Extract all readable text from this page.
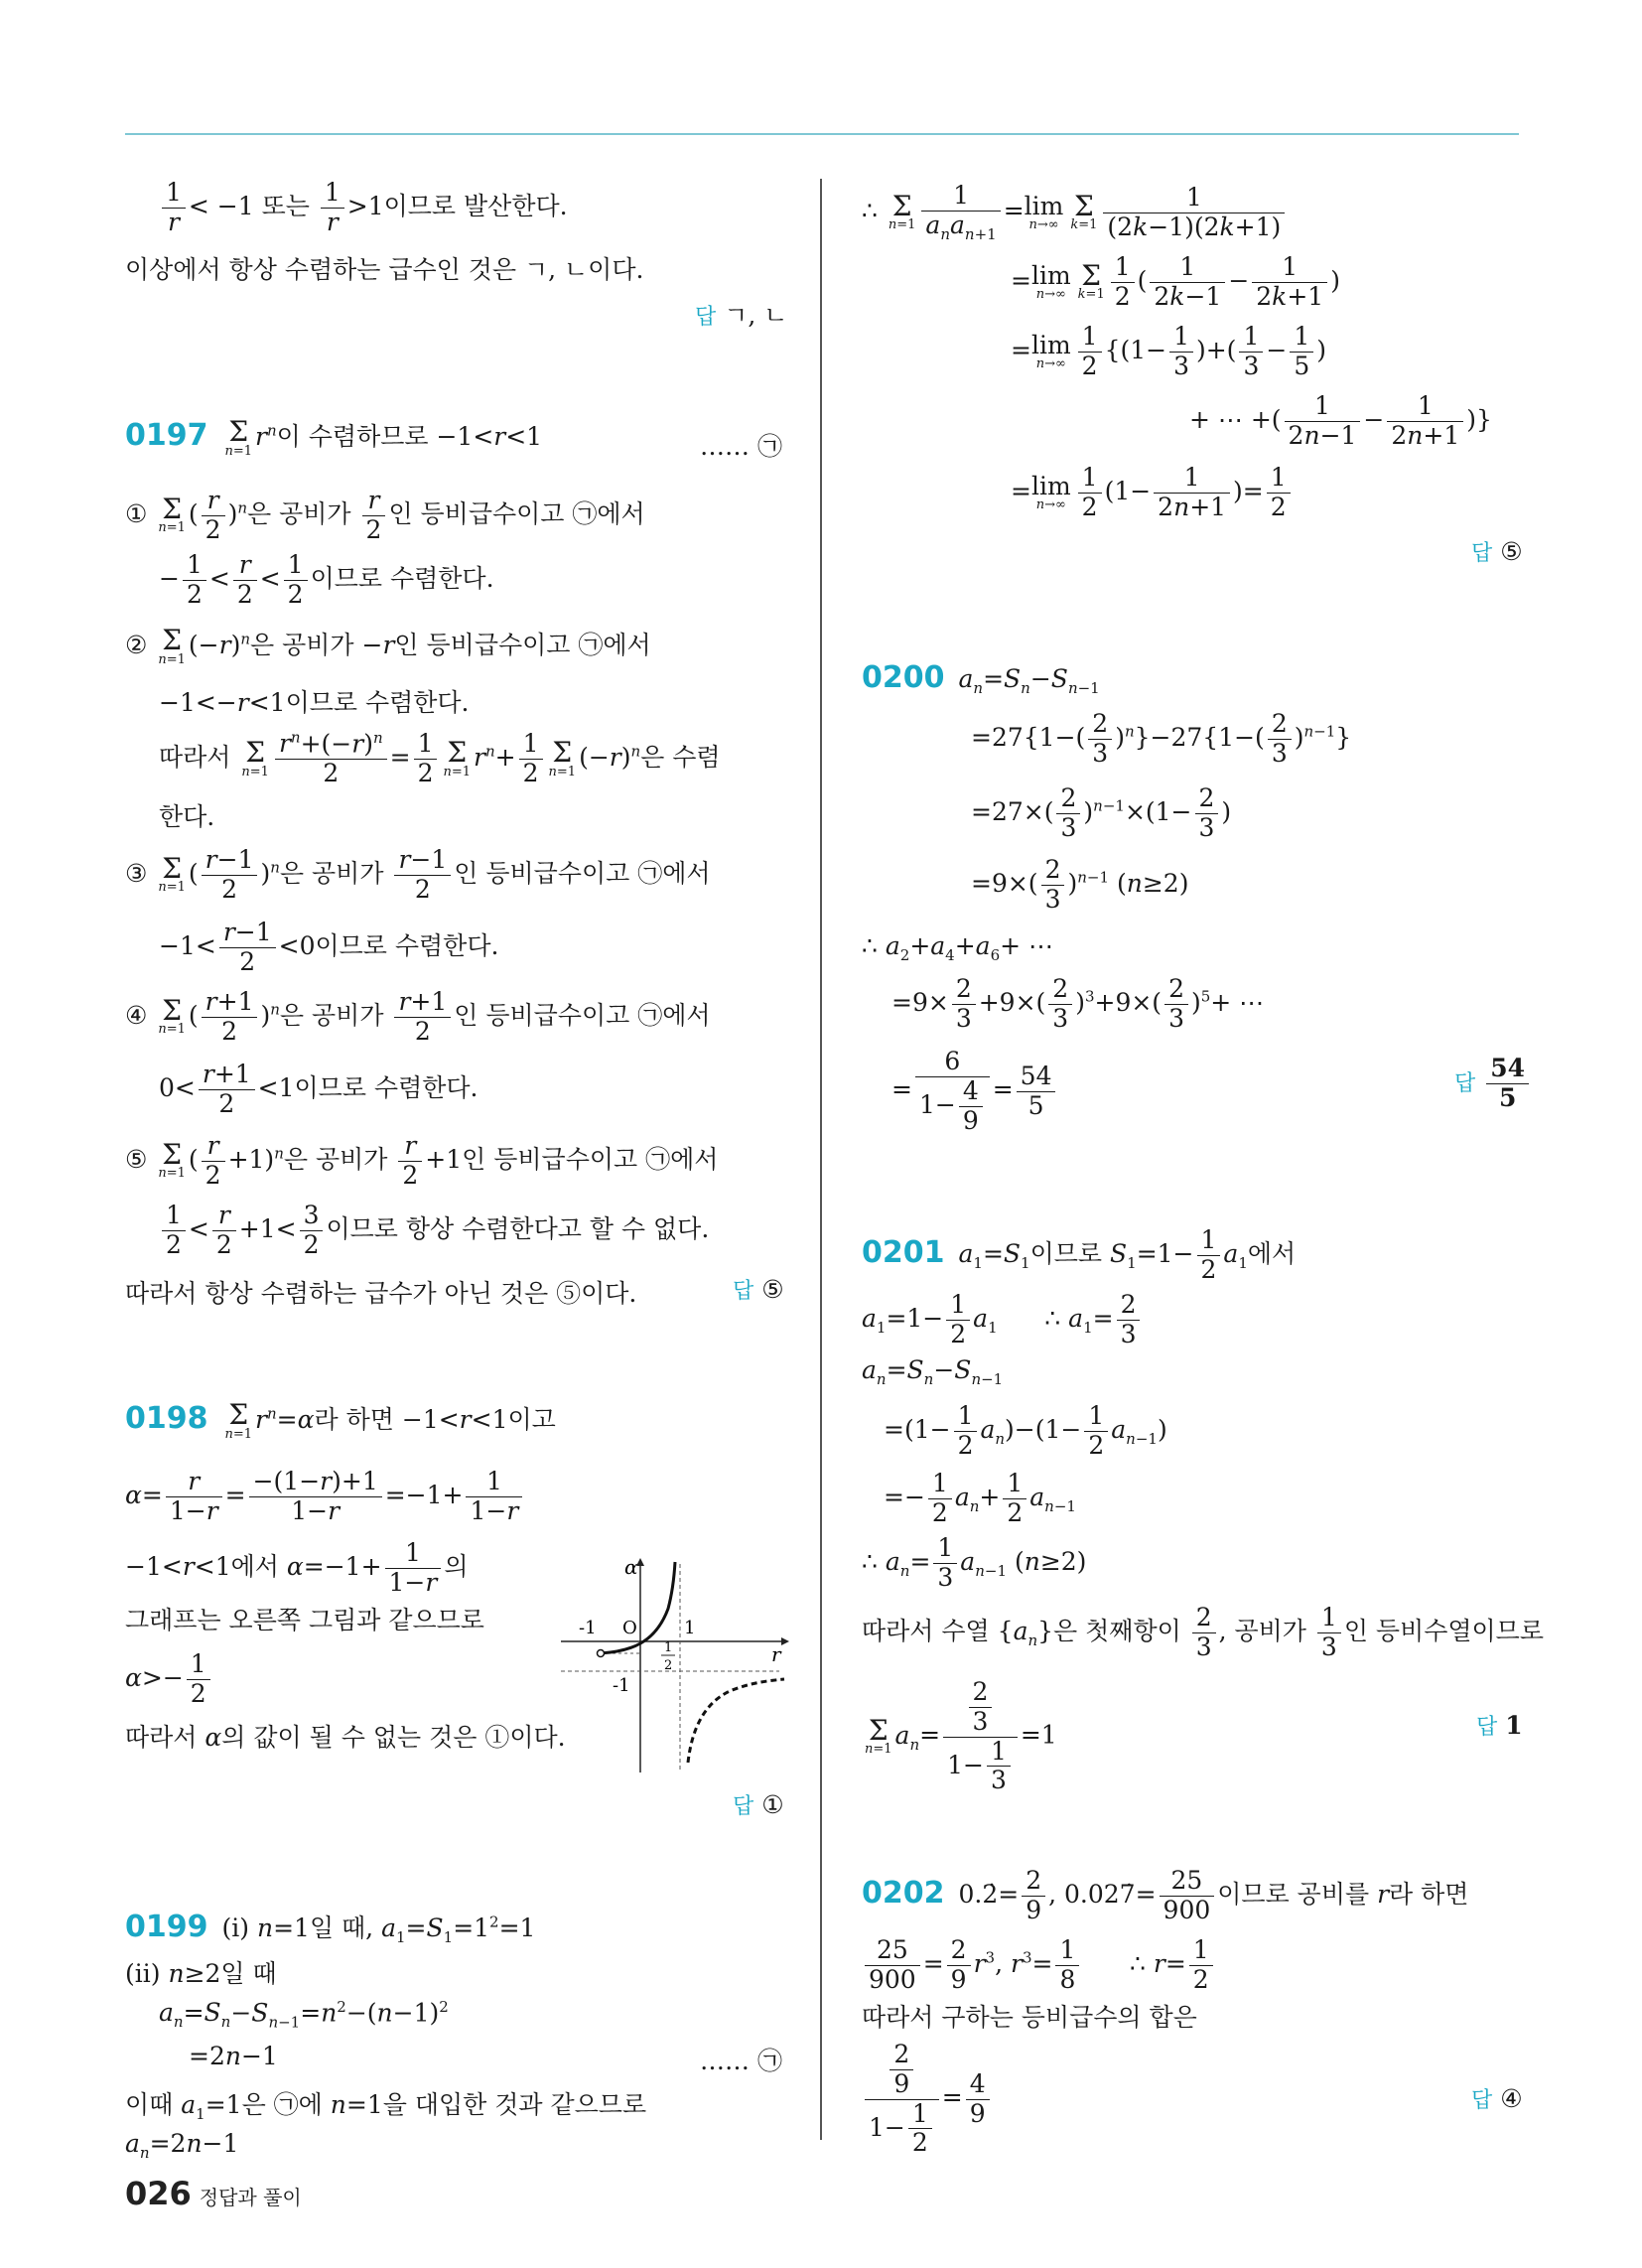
$\frac{1}{r} < -1$ 또는 $\frac{1}{r} >1$이므로 발산한다.
이상에서 항상 수렴하는 급수인 것은 ㄱ, ㄴ이다.
답 ㄱ, ㄴ
0197 Σ
$n=1r^n$이 수렴하므로 −1<r<1	…… ㉠
① Σ
$n=1( \frac{r}{2} )^n$은 공비가 $\frac{r}{2}$ 인 등비급수이고 ㉠에서
− $\frac{1}{2} < \frac{r}{2} < \frac{1}{2}$ 이므로 수렴한다.
② Σ
$n=1(-r)^n$은 공비가 −r인 등비급수이고 ㉠에서
−1<−r<1이므로 수렴한다.
따라서 Σ
$n=1 \frac{r^n+(-r)^n}{2} = \frac{1}{2}$ Σ
$n=1r^n+ \frac{1}{2}$ Σ
$n=1(-r)^n$은 수렴
한다.
③ Σ
$n=1( \frac{r-1}{2} )^n$은 공비가 $\frac{r-1}{2}$ 인 등비급수이고 ㉠에서
$-1< \frac{r-1}{2} <0$이므로 수렴한다.
④ Σ
$n=1( \frac{r+1}{2} )^n$은 공비가 $\frac{r+1}{2}$ 인 등비급수이고 ㉠에서
$0< \frac{r+1}{2} <1$이므로 수렴한다.
⑤ Σ
$n=1( \frac{r}{2} +1)^n$은 공비가 $\frac{r}{2} +1$인 등비급수이고 ㉠에서
$\frac{1}{2} < \frac{r}{2} +1< \frac{3}{2}$ 이므로 항상 수렴한다고 할 수 없다.
따라서 항상 수렴하는 급수가 아닌 것은 ⑤이다.	답 ⑤
0198 Σ
$n=1r^n=\alpha$라 하면 −1<r<1이고
$\alpha= \frac{r}{1-r} = \frac{-(1-r)+1}{1-r} =-1+ \frac{1}{1-r}$
−1<r<1에서 $\alpha=-1+ \frac{1}{1-r}$ 의
그래프는 오른쪽 그림과 같으므로
$\alpha>- \frac{1}{2}$
따라서 α의 값이 될 수 없는 것은 ①이다.
α
r
-1 O	1
1
2
-1
답 ①
0199 (ⅰ) n=1일 때, $a_1=S_1=1^2=1$
(ⅱ) n≥2일 때
$a_n=S_n-S_{n-1}=n^2-(n-1)^2$
=2n−1	…… ㉠
이때 $a_1=1$은 ㉠에 n=1을 대입한 것과 같으므로
$a_n=2n-1$
∴ Σ
$n=1 \frac{1}{a_na_{n+1}} =\lim$
n→∞
Σ
$k=1 \frac{1}{(2k-1)(2k+1)}$
=lim
n→∞
Σ
$k=1 \frac{1}{2}$ ( $\frac{1}{2k-1} - \frac{1}{2k+1}$ )
=lim
$n\to\infty \frac{1}{2} \{(1- \frac{1}{3}$ )+( $\frac{1}{3} - \frac{1}{5}$ )
+ ⋯ +( $\frac{1}{2n-1} - \frac{1}{2n+1}$ )}
=lim
$n\to\infty \frac{1}{2} (1- \frac{1}{2n+1}$ )= $\frac{1}{2}$
답 ⑤
0200 $a_n=S_n-S_{n-1}$
$=27\{1-( \frac{2}{3} )^n\}-27\{1-( \frac{2}{3} )^{n-1}\}$
$=27\times( \frac{2}{3} )^{n-1}\times(1- \frac{2}{3}$ )
$=9\times( \frac{2}{3} )^{n-1}$ (n≥2)
∴ $a_2+a_4+a_6+$ ⋯
$=9\times \frac{2}{3} +9\times( \frac{2}{3} )^3+9\times( \frac{2}{3} )^5+$ ⋯
= $\frac{6}{1- \frac{4}{9}} = \frac{54}{5}$	답 $\frac{54}{5}$
0201 $a_1=S_1$이므로 $S_1=1- \frac{1}{2} a_1$에서
$a_1=1- \frac{1}{2} a_1$      ∴ $a_1= \frac{2}{3}$
$a_n=S_n-S_{n-1}$
$=(1- \frac{1}{2} a_n)-(1- \frac{1}{2} a_{n-1})$
=− $\frac{1}{2} a_n+ \frac{1}{2} a_{n-1}$
∴ $a_n= \frac{1}{3} a_{n-1}$ (n≥2)
따라서 수열 $\{a_n\}$은 첫째항이 $\frac{2}{3}$ , 공비가 $\frac{1}{3}$ 인 등비수열이므로
Σ
$n=1a_n= \frac{\frac{2}{3}}{1- \frac{1}{3}} =1$	답 1
0202 0.2̇= $\frac{2}{9}$ , 0.027̇= $\frac{25}{900}$ 이므로 공비를 r라 하면
$\frac{25}{900} = \frac{2}{9} r^3$, $r^3= \frac{1}{8}$ ∴ $r= \frac{1}{2}$
따라서 구하는 등비급수의 합은
$\frac{\frac{2}{9}}{1- \frac{1}{2}} = \frac{4}{9}$	답 ④
026 정답과 풀이
